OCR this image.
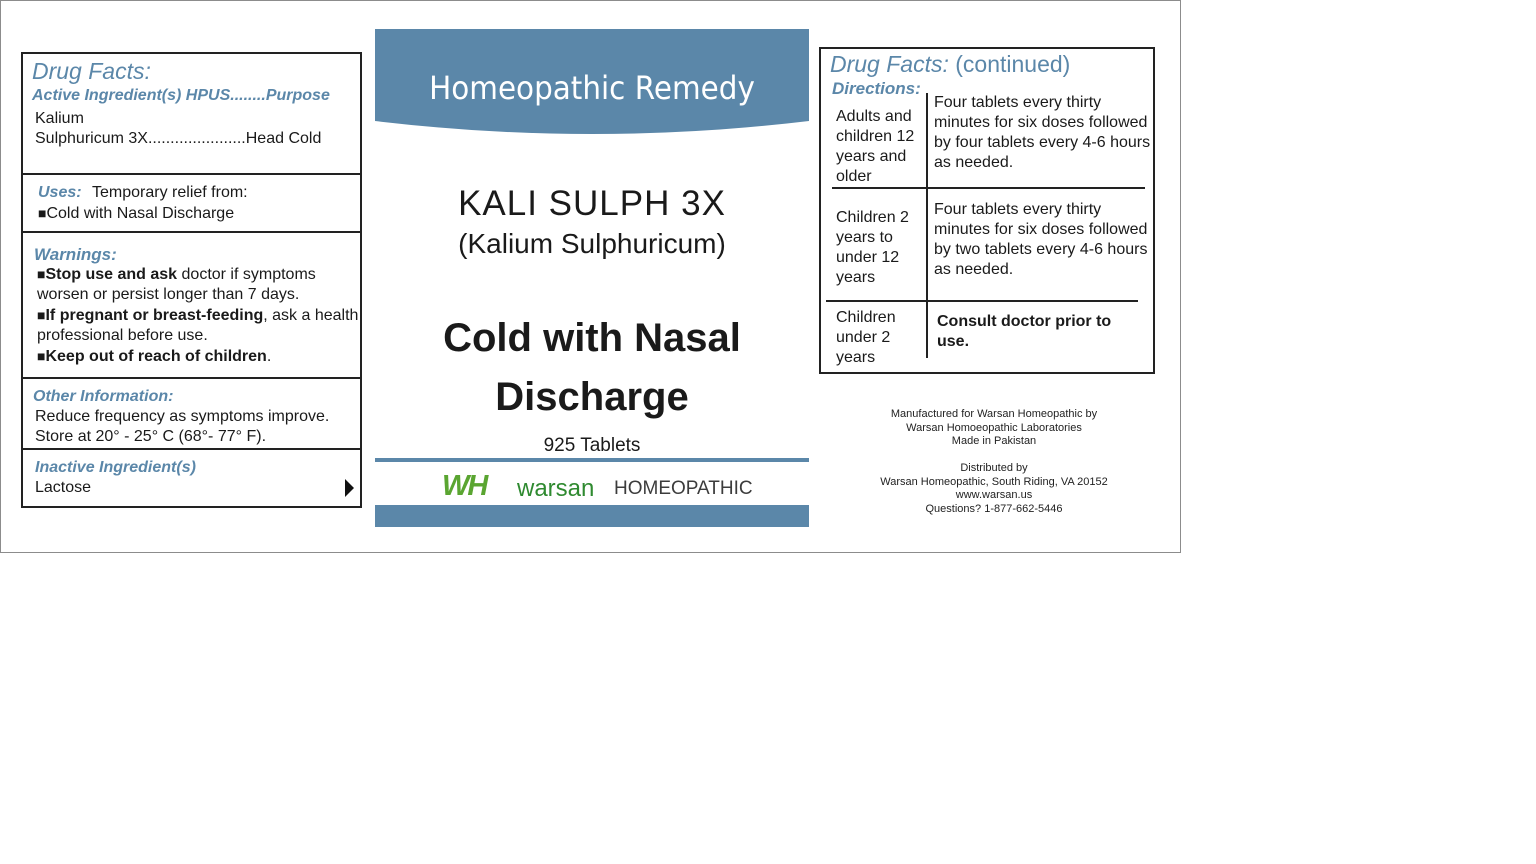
Drug Facts:
Active Ingredient(s) HPUS........Purpose
Kalium
Sulphuricum 3X......................Head Cold
Uses: Temporary relief from:
■Cold with Nasal Discharge
Warnings:
■Stop use and ask doctor if symptoms worsen or persist longer than 7 days.
■If pregnant or breast-feeding, ask a health professional before use.
■Keep out of reach of children.
Other Information:
Reduce frequency as symptoms improve.
Store at 20° - 25° C (68°- 77° F).
Inactive Ingredient(s)
Lactose
Homeopathic Remedy
KALI SULPH 3X
(Kalium Sulphuricum)
Cold with Nasal
Discharge
925 Tablets
WH warsan HOMEOPATHIC
Drug Facts: (continued)
Directions:
Adults and children 12 years and older
Four tablets every thirty minutes for six doses followed by four tablets every 4-6 hours as needed.
Children 2 years to under 12 years
Four tablets every thirty minutes for six doses followed by two tablets every 4-6 hours as needed.
Children under 2 years
Consult doctor prior to use.
Manufactured for Warsan Homeopathic by
Warsan Homoeopathic Laboratories
Made in Pakistan
Distributed by
Warsan Homeopathic, South Riding, VA 20152
www.warsan.us
Questions? 1-877-662-5446
